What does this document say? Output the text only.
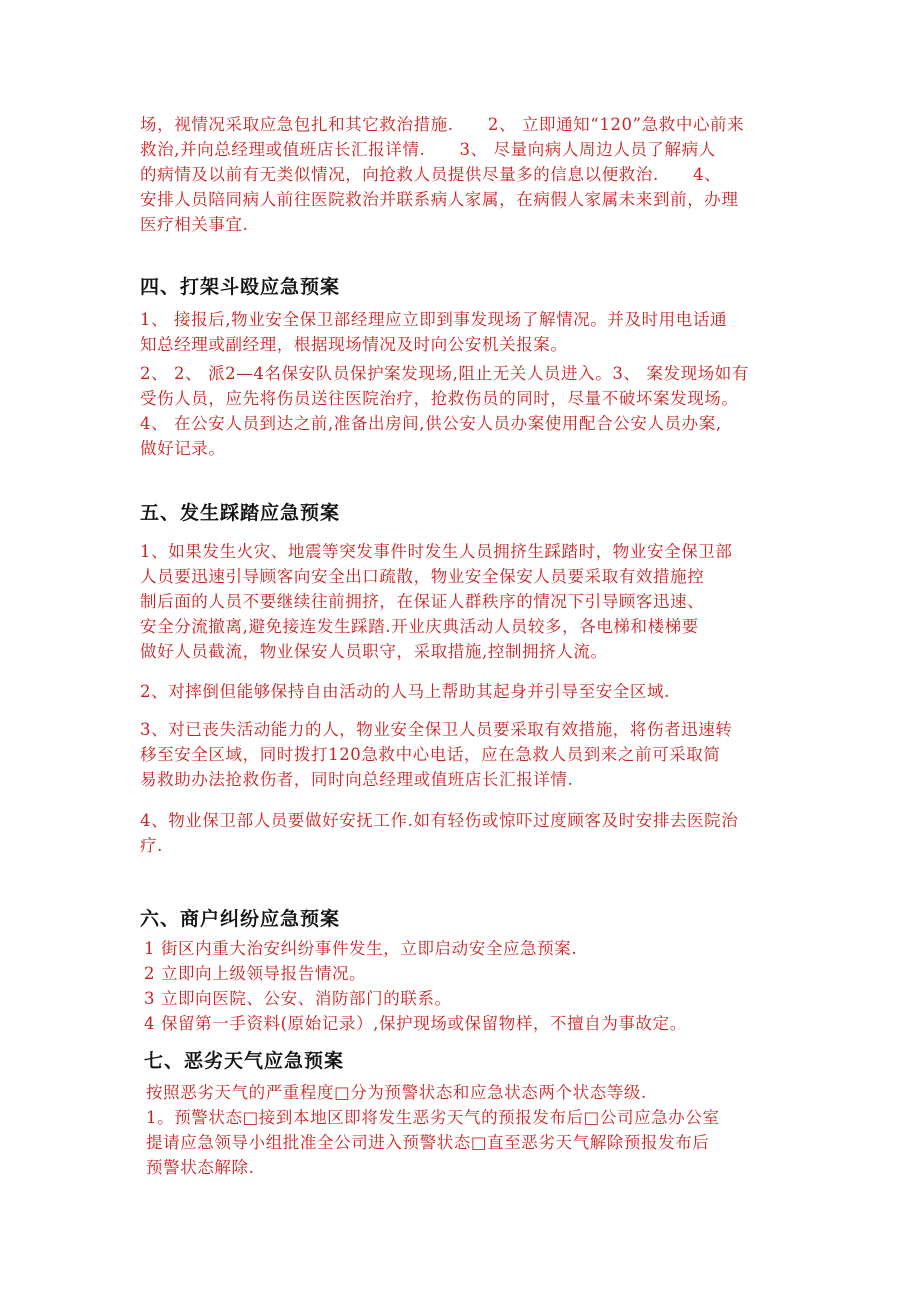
场，视情况采取应急包扎和其它救治措施.　　2、 立即通知“120”急救中心前来
救治,并向总经理或值班店长汇报详情.　　3、 尽量向病人周边人员了解病人
的病情及以前有无类似情况，向抢救人员提供尽量多的信息以便救治.　　4、
安排人员陪同病人前往医院救治并联系病人家属，在病假人家属未来到前，办理
医疗相关事宜.

四、打架斗殴应急预案

1、 接报后,物业安全保卫部经理应立即到事发现场了解情况。并及时用电话通
知总经理或副经理，根据现场情况及时向公安机关报案。

2、 2、 派2—4名保安队员保护案发现场,阻止无关人员进入。3、 案发现场如有
受伤人员，应先将伤员送往医院治疗，抢救伤员的同时，尽量不破坏案发现场。
4、 在公安人员到达之前,准备出房间,供公安人员办案使用配合公安人员办案,
做好记录。

五、发生踩踏应急预案

1、如果发生火灾、地震等突发事件时发生人员拥挤生踩踏时，物业安全保卫部
人员要迅速引导顾客向安全出口疏散，物业安全保安人员要采取有效措施控
制后面的人员不要继续往前拥挤，在保证人群秩序的情况下引导顾客迅速、
安全分流撤离,避免接连发生踩踏.开业庆典活动人员较多，各电梯和楼梯要
做好人员截流，物业保安人员职守，采取措施,控制拥挤人流。

2、对摔倒但能够保持自由活动的人马上帮助其起身并引导至安全区域.

3、对已丧失活动能力的人，物业安全保卫人员要采取有效措施，将伤者迅速转
移至安全区域，同时拨打120急救中心电话，应在急救人员到来之前可采取简
易救助办法抢救伤者，同时向总经理或值班店长汇报详情.

4、物业保卫部人员要做好安抚工作.如有轻伤或惊吓过度顾客及时安排去医院治
疗.

六、商户纠纷应急预案

1 街区内重大治安纠纷事件发生，立即启动安全应急预案.
2 立即向上级领导报告情况。
3 立即向医院、公安、消防部门的联系。
4 保留第一手资料(原始记录）,保护现场或保留物样，不擅自为事故定。

七、恶劣天气应急预案

按照恶劣天气的严重程度□分为预警状态和应急状态两个状态等级.
1。预警状态□接到本地区即将发生恶劣天气的预报发布后□公司应急办公室
提请应急领导小组批准全公司进入预警状态□直至恶劣天气解除预报发布后
预警状态解除.
